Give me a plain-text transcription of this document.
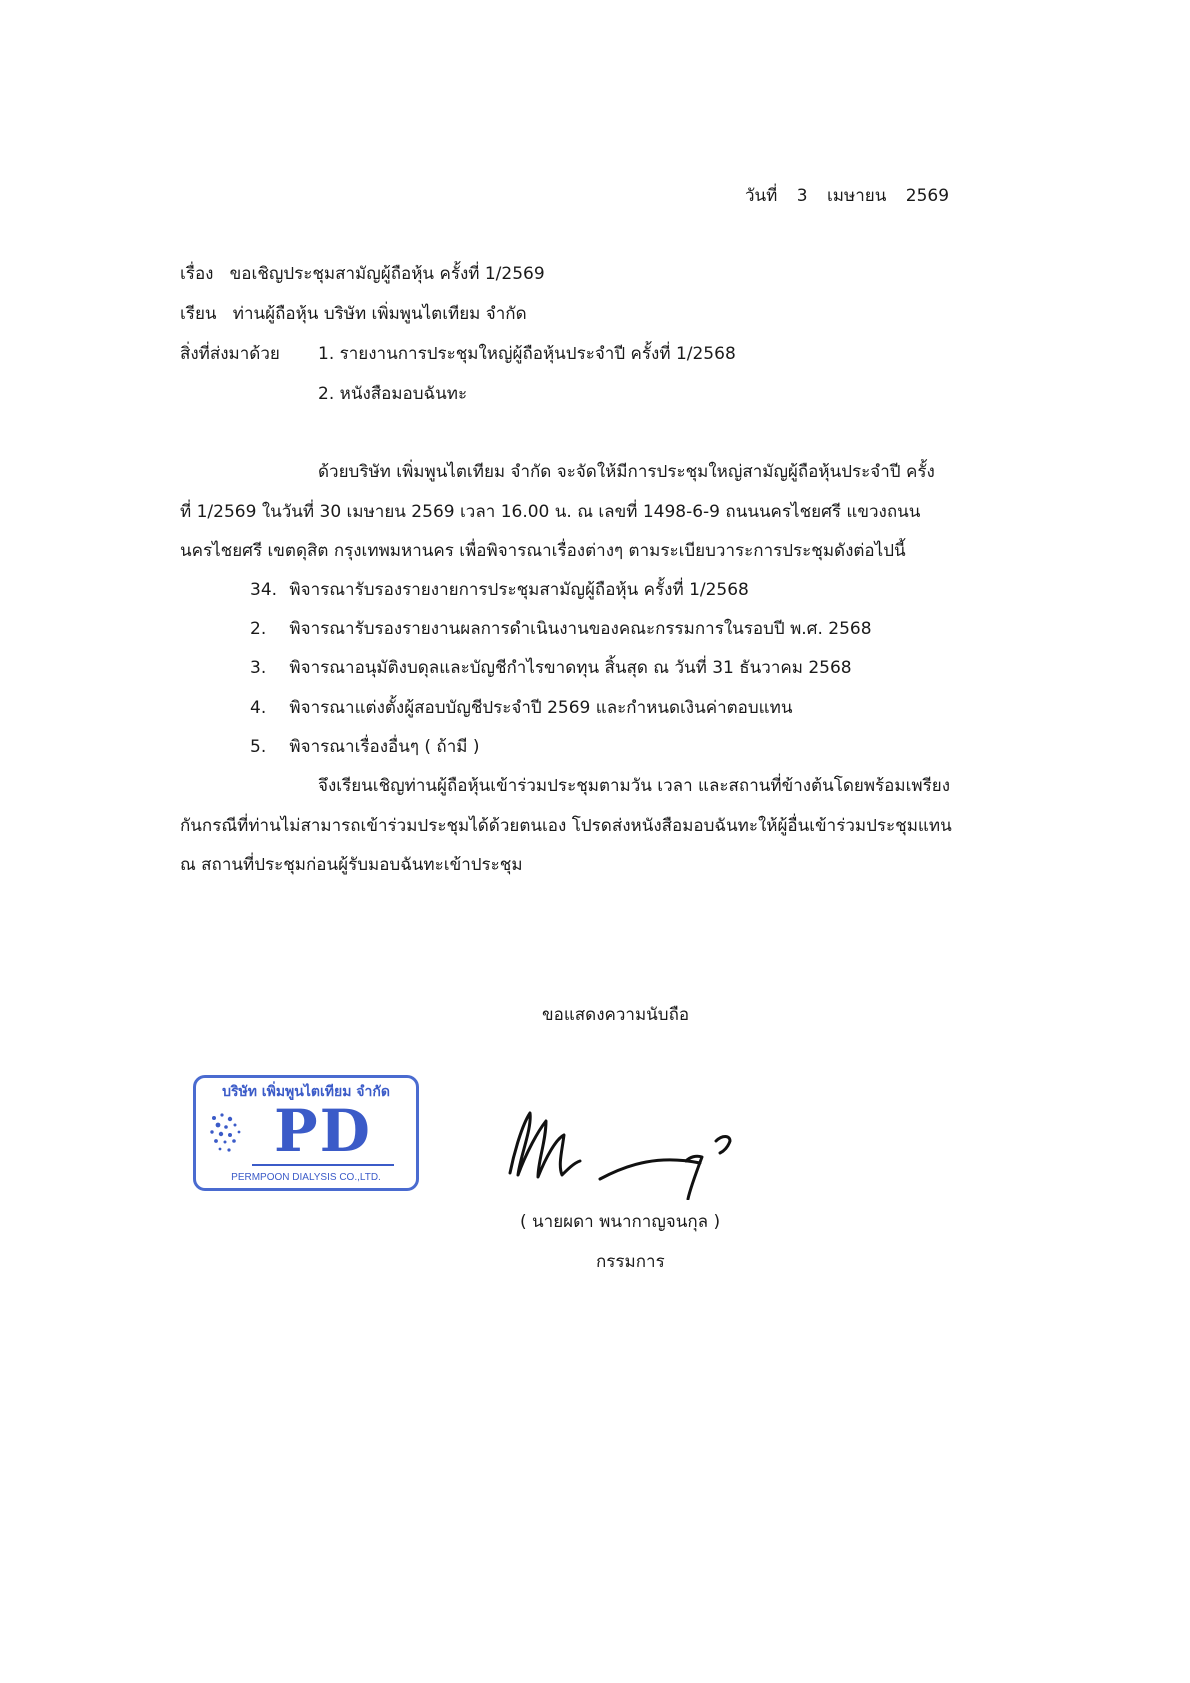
วันที่ 3 เมษายน 2569
เรื่อง ขอเชิญประชุมสามัญผู้ถือหุ้น ครั้งที่ 1/2569
เรียน ท่านผู้ถือหุ้น บริษัท เพิ่มพูนไตเทียม จำกัด
สิ่งที่ส่งมาด้วย 1. รายงานการประชุมใหญ่ผู้ถือหุ้นประจำปี ครั้งที่ 1/2568
2. หนังสือมอบฉันทะ
ด้วยบริษัท เพิ่มพูนไตเทียม จำกัด จะจัดให้มีการประชุมใหญ่สามัญผู้ถือหุ้นประจำปี ครั้ง
ที่ 1/2569 ในวันที่ 30 เมษายน 2569 เวลา 16.00 น. ณ เลขที่ 1498-6-9 ถนนนครไชยศรี แขวงถนน
นครไชยศรี เขตดุสิต กรุงเทพมหานคร เพื่อพิจารณาเรื่องต่างๆ ตามระเบียบวาระการประชุมดังต่อไปนี้
34. พิจารณารับรองรายงายการประชุมสามัญผู้ถือหุ้น ครั้งที่ 1/2568
2. พิจารณารับรองรายงานผลการดำเนินงานของคณะกรรมการในรอบปี พ.ศ. 2568
3. พิจารณาอนุมัติงบดุลและบัญชีกำไรขาดทุน สิ้นสุด ณ วันที่ 31 ธันวาคม 2568
4. พิจารณาแต่งตั้งผู้สอบบัญชีประจำปี 2569 และกำหนดเงินค่าตอบแทน
5. พิจารณาเรื่องอื่นๆ ( ถ้ามี )
จึงเรียนเชิญท่านผู้ถือหุ้นเข้าร่วมประชุมตามวัน เวลา และสถานที่ข้างต้นโดยพร้อมเพรียง
กันกรณีที่ท่านไม่สามารถเข้าร่วมประชุมได้ด้วยตนเอง โปรดส่งหนังสือมอบฉันทะให้ผู้อื่นเข้าร่วมประชุมแทน
ณ สถานที่ประชุมก่อนผู้รับมอบฉันทะเข้าประชุม
ขอแสดงความนับถือ
บริษัท เพิ่มพูนไตเทียม จำกัด
PD
PERMPOON DIALYSIS CO.,LTD.
( นายผดา พนากาญจนกุล )
กรรมการ
